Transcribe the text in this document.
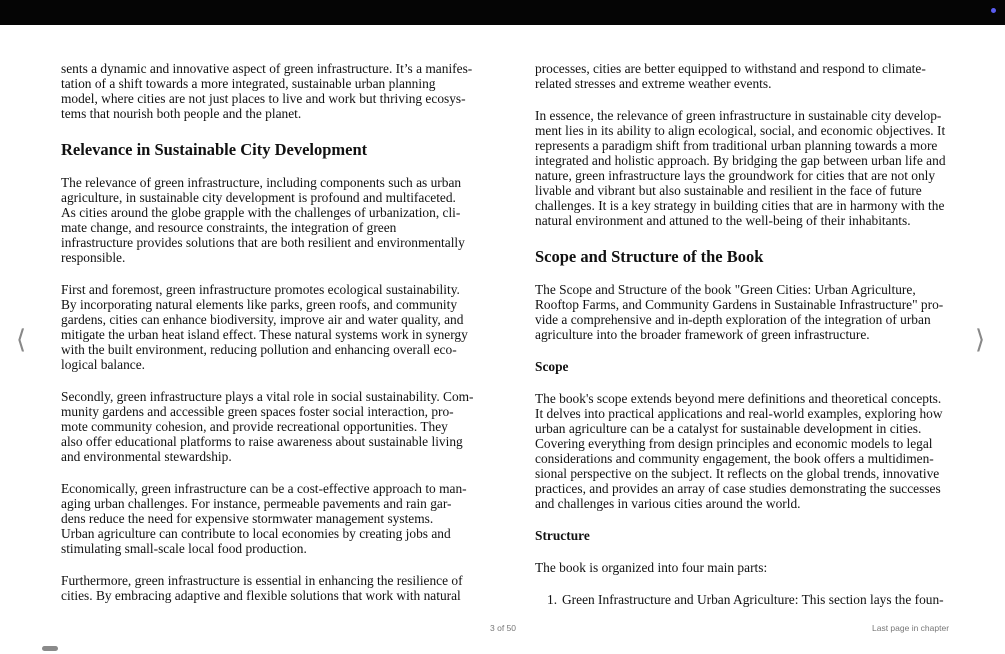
sents a dynamic and innovative aspect of green infrastructure. It’s a manifes-
tation of a shift towards a more integrated, sustainable urban planning
model, where cities are not just places to live and work but thriving ecosys-
tems that nourish both people and the planet.
Relevance in Sustainable City Development
The relevance of green infrastructure, including components such as urban
agriculture, in sustainable city development is profound and multifaceted.
As cities around the globe grapple with the challenges of urbanization, cli-
mate change, and resource constraints, the integration of green
infrastructure provides solutions that are both resilient and environmentally
responsible.
First and foremost, green infrastructure promotes ecological sustainability.
By incorporating natural elements like parks, green roofs, and community
gardens, cities can enhance biodiversity, improve air and water quality, and
mitigate the urban heat island effect. These natural systems work in synergy
with the built environment, reducing pollution and enhancing overall eco-
logical balance.
Secondly, green infrastructure plays a vital role in social sustainability. Com-
munity gardens and accessible green spaces foster social interaction, pro-
mote community cohesion, and provide recreational opportunities. They
also offer educational platforms to raise awareness about sustainable living
and environmental stewardship.
Economically, green infrastructure can be a cost-effective approach to man-
aging urban challenges. For instance, permeable pavements and rain gar-
dens reduce the need for expensive stormwater management systems.
Urban agriculture can contribute to local economies by creating jobs and
stimulating small-scale local food production.
Furthermore, green infrastructure is essential in enhancing the resilience of
cities. By embracing adaptive and flexible solutions that work with natural
processes, cities are better equipped to withstand and respond to climate-
related stresses and extreme weather events.
In essence, the relevance of green infrastructure in sustainable city develop-
ment lies in its ability to align ecological, social, and economic objectives. It
represents a paradigm shift from traditional urban planning towards a more
integrated and holistic approach. By bridging the gap between urban life and
nature, green infrastructure lays the groundwork for cities that are not only
livable and vibrant but also sustainable and resilient in the face of future
challenges. It is a key strategy in building cities that are in harmony with the
natural environment and attuned to the well-being of their inhabitants.
Scope and Structure of the Book
The Scope and Structure of the book "Green Cities: Urban Agriculture,
Rooftop Farms, and Community Gardens in Sustainable Infrastructure" pro-
vide a comprehensive and in-depth exploration of the integration of urban
agriculture into the broader framework of green infrastructure.
Scope
The book's scope extends beyond mere definitions and theoretical concepts.
It delves into practical applications and real-world examples, exploring how
urban agriculture can be a catalyst for sustainable development in cities.
Covering everything from design principles and economic models to legal
considerations and community engagement, the book offers a multidimen-
sional perspective on the subject. It reflects on the global trends, innovative
practices, and provides an array of case studies demonstrating the successes
and challenges in various cities around the world.
Structure
The book is organized into four main parts:
1. Green Infrastructure and Urban Agriculture: This section lays the foun-
⟨	⟩
3 of 50	Last page in chapter
